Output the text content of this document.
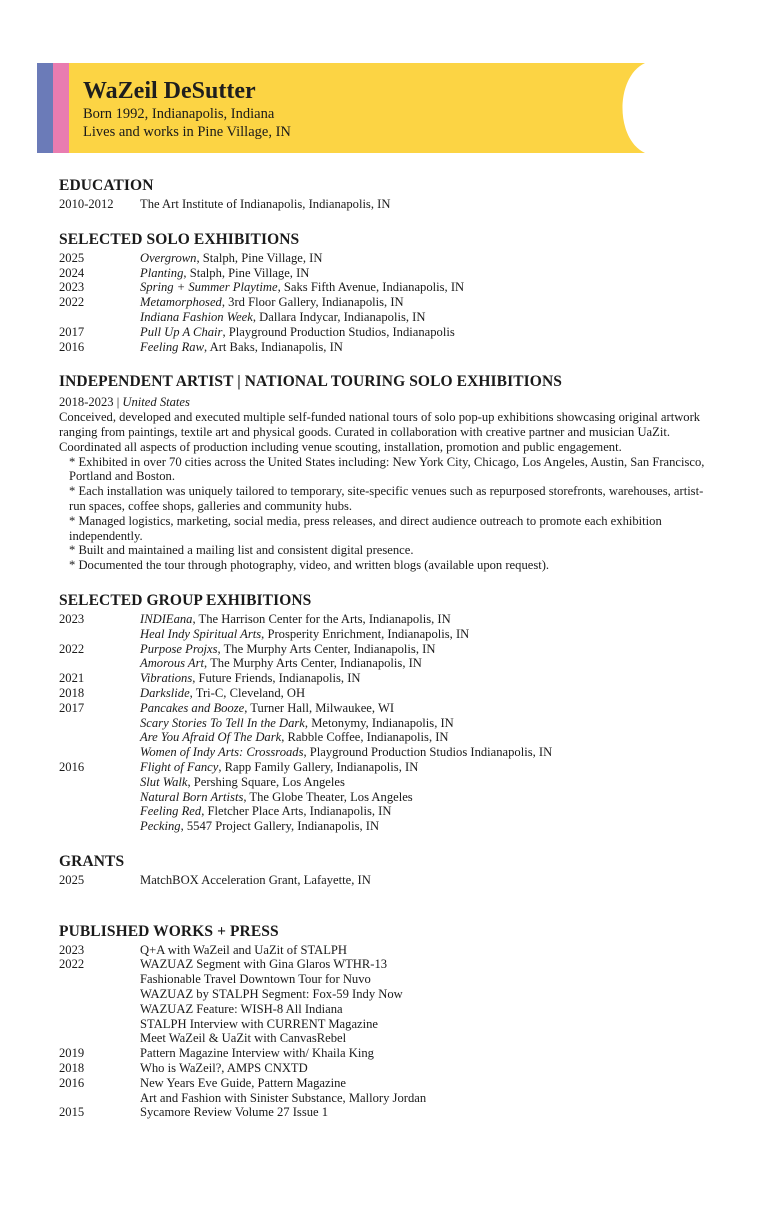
WaZeil DeSutter

Born 1992, Indianapolis, Indiana

Lives and works in Pine Village, IN

EDUCATION
2010-2012	The Art Institute of Indianapolis, Indianapolis, IN
SELECTED SOLO EXHIBITIONS
2025	Overgrown, Stalph, Pine Village, IN
2024	Planting, Stalph, Pine Village, IN
2023	Spring + Summer Playtime, Saks Fifth Avenue, Indianapolis, IN
2022	Metamorphosed, 3rd Floor Gallery, Indianapolis, IN
Indiana Fashion Week, Dallara Indycar, Indianapolis, IN
2017	Pull Up A Chair, Playground Production Studios, Indianapolis
2016	Feeling Raw, Art Baks, Indianapolis, IN
INDEPENDENT ARTIST | NATIONAL TOURING SOLO EXHIBITIONS
2018-2023 | United States
Conceived, developed and executed multiple self-funded national tours of solo pop-up exhibitions showcasing original artwork ranging from paintings, textile art and physical goods. Curated in collaboration with creative partner and musician UaZit. Coordinated all aspects of production including venue scouting, installation, promotion and public engagement.
* Exhibited in over 70 cities across the United States including: New York City, Chicago, Los Angeles, Austin, San Francisco, Portland and Boston.
* Each installation was uniquely tailored to temporary, site-specific venues such as repurposed storefronts, warehouses, artist-run spaces, coffee shops, galleries and community hubs.
* Managed logistics, marketing, social media, press releases, and direct audience outreach to promote each exhibition independently.
* Built and maintained a mailing list and consistent digital presence.
* Documented the tour through photography, video, and written blogs (available upon request).
SELECTED GROUP EXHIBITIONS
2023	INDIEana, The Harrison Center for the Arts, Indianapolis, IN
Heal Indy Spiritual Arts, Prosperity Enrichment, Indianapolis, IN
2022	Purpose Projxs, The Murphy Arts Center, Indianapolis, IN
Amorous Art, The Murphy Arts Center, Indianapolis, IN
2021	Vibrations, Future Friends, Indianapolis, IN
2018	Darkslide, Tri-C, Cleveland, OH
2017	Pancakes and Booze, Turner Hall, Milwaukee, WI
Scary Stories To Tell In the Dark, Metonymy, Indianapolis, IN
Are You Afraid Of The Dark, Rabble Coffee, Indianapolis, IN
Women of Indy Arts: Crossroads, Playground Production Studios Indianapolis, IN
2016	Flight of Fancy, Rapp Family Gallery, Indianapolis, IN
Slut Walk, Pershing Square, Los Angeles
Natural Born Artists, The Globe Theater, Los Angeles
Feeling Red, Fletcher Place Arts, Indianapolis, IN
Pecking, 5547 Project Gallery, Indianapolis, IN
GRANTS
2025	MatchBOX Acceleration Grant, Lafayette, IN
PUBLISHED WORKS + PRESS
2023	Q+A with WaZeil and UaZit of STALPH
2022	WAZUAZ Segment with Gina Glaros WTHR-13
Fashionable Travel Downtown Tour for Nuvo
WAZUAZ by STALPH Segment: Fox-59 Indy Now
WAZUAZ Feature: WISH-8 All Indiana
STALPH Interview with CURRENT Magazine
Meet WaZeil & UaZit with CanvasRebel
2019	Pattern Magazine Interview with/ Khaila King
2018	Who is WaZeil?, AMPS CNXTD
2016	New Years Eve Guide, Pattern Magazine
Art and Fashion with Sinister Substance, Mallory Jordan
2015	Sycamore Review Volume 27 Issue 1
